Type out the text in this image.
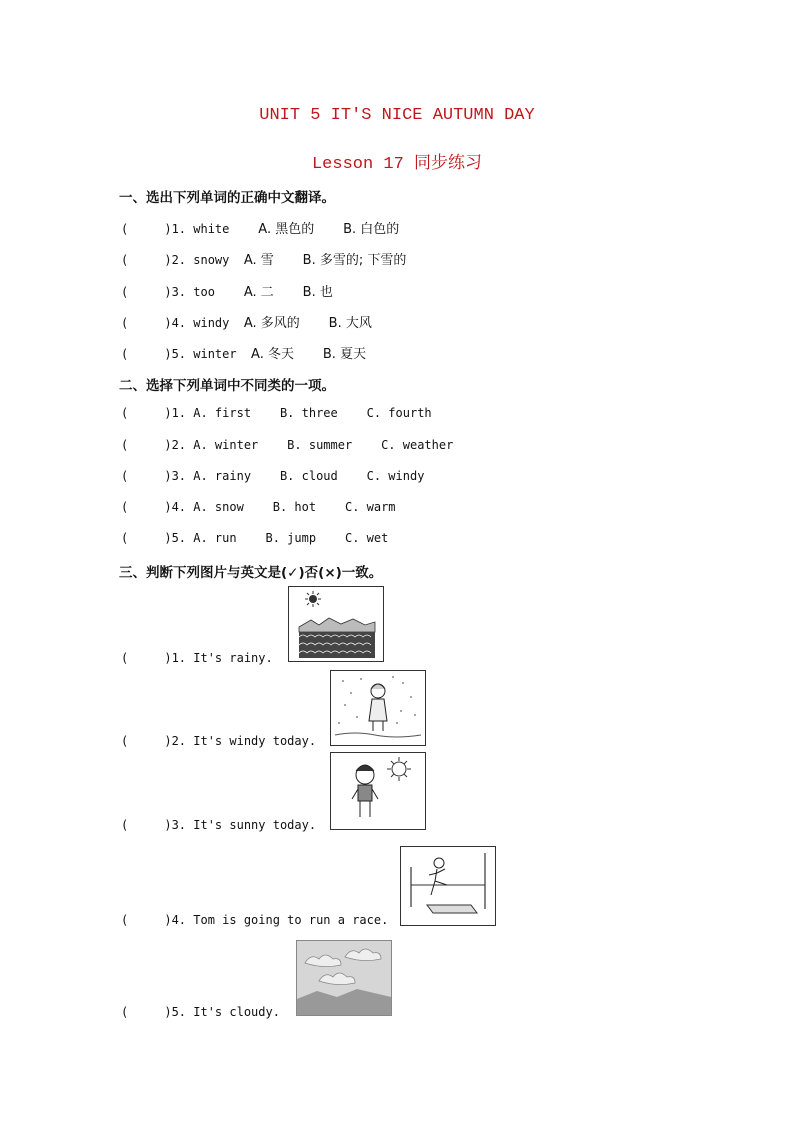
UNIT 5 IT'S NICE AUTUMN DAY
Lesson 17 同步练习
一、选出下列单词的正确中文翻译。
(     )1. white A. 黑色的 B. 白色的
(     )2. snowy A. 雪 B. 多雪的; 下雪的
(     )3. too A. 二 B. 也
(     )4. windy A. 多风的 B. 大风
(     )5. winter A. 冬天 B. 夏天
二、选择下列单词中不同类的一项。
(     )1. A. first    B. three    C. fourth
(     )2. A. winter    B. summer    C. weather
(     )3. A. rainy    B. cloud    C. windy
(     )4. A. snow    B. hot    C. warm
(     )5. A. run    B. jump    C. wet
三、判断下列图片与英文是(✓)否(×)一致。
(     )1. It's rainy.
(     )2. It's windy today.
(     )3. It's sunny today.
(     )4. Tom is going to run a race.
(     )5. It's cloudy.
